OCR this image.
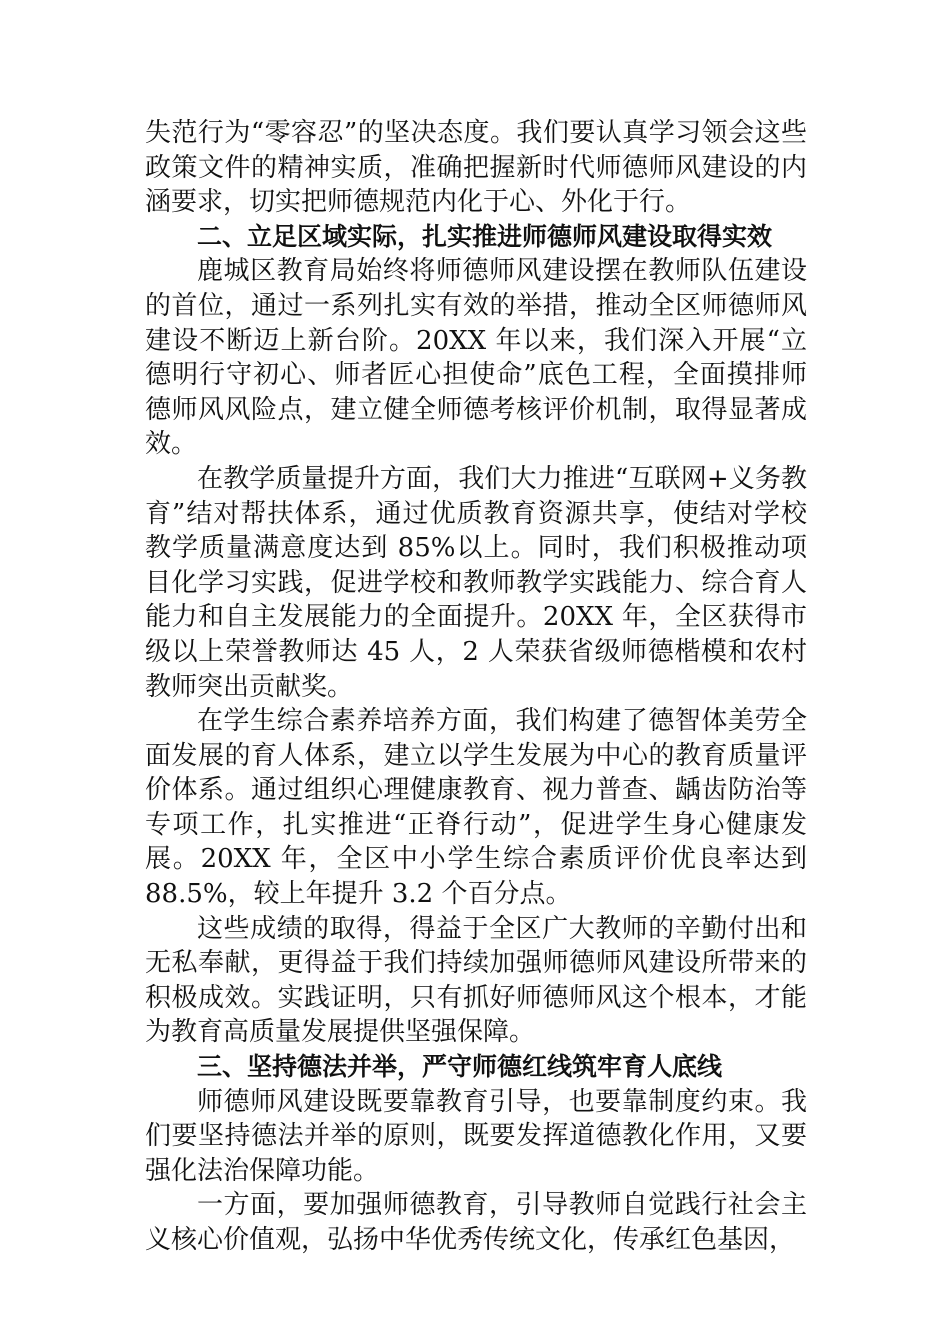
失范行为“零容忍”的坚决态度。我们要认真学习领会这些政策文件的精神实质，准确把握新时代师德师风建设的内涵要求，切实把师德规范内化于心、外化于行。

二、立足区域实际，扎实推进师德师风建设取得实效

鹿城区教育局始终将师德师风建设摆在教师队伍建设的首位，通过一系列扎实有效的举措，推动全区师德师风建设不断迈上新台阶。20XX 年以来，我们深入开展“立德明行守初心、师者匠心担使命”底色工程，全面摸排师德师风风险点，建立健全师德考核评价机制，取得显著成效。

在教学质量提升方面，我们大力推进“互联网+义务教育”结对帮扶体系，通过优质教育资源共享，使结对学校教学质量满意度达到 85%以上。同时，我们积极推动项目化学习实践，促进学校和教师教学实践能力、综合育人能力和自主发展能力的全面提升。20XX 年，全区获得市级以上荣誉教师达 45 人，2 人荣获省级师德楷模和农村教师突出贡献奖。

在学生综合素养培养方面，我们构建了德智体美劳全面发展的育人体系，建立以学生发展为中心的教育质量评价体系。通过组织心理健康教育、视力普查、龋齿防治等专项工作，扎实推进“正脊行动”，促进学生身心健康发展。20XX 年，全区中小学生综合素质评价优良率达到 88.5%，较上年提升 3.2 个百分点。

这些成绩的取得，得益于全区广大教师的辛勤付出和无私奉献，更得益于我们持续加强师德师风建设所带来的积极成效。实践证明，只有抓好师德师风这个根本，才能为教育高质量发展提供坚强保障。

三、坚持德法并举，严守师德红线筑牢育人底线

师德师风建设既要靠教育引导，也要靠制度约束。我们要坚持德法并举的原则，既要发挥道德教化作用，又要强化法治保障功能。

一方面，要加强师德教育，引导教师自觉践行社会主义核心价值观，弘扬中华优秀传统文化，传承红色基因，
